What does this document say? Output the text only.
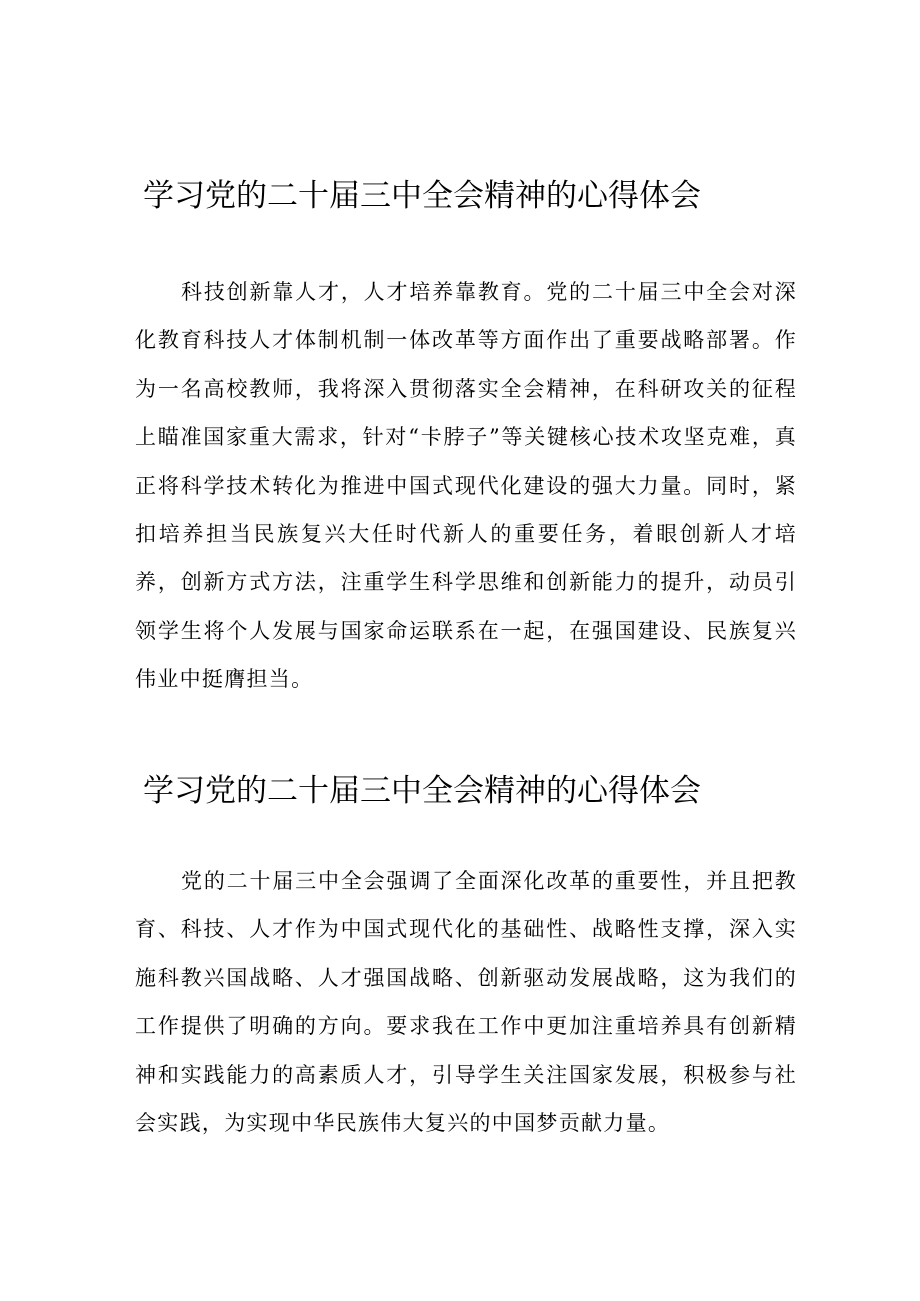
学习党的二十届三中全会精神的心得体会

科技创新靠人才，人才培养靠教育。党的二十届三中全会对深化教育科技人才体制机制一体改革等方面作出了重要战略部署。作为一名高校教师，我将深入贯彻落实全会精神，在科研攻关的征程上瞄准国家重大需求，针对“卡脖子”等关键核心技术攻坚克难，真正将科学技术转化为推进中国式现代化建设的强大力量。同时，紧扣培养担当民族复兴大任时代新人的重要任务，着眼创新人才培养，创新方式方法，注重学生科学思维和创新能力的提升，动员引领学生将个人发展与国家命运联系在一起，在强国建设、民族复兴伟业中挺膺担当。

学习党的二十届三中全会精神的心得体会

党的二十届三中全会强调了全面深化改革的重要性，并且把教育、科技、人才作为中国式现代化的基础性、战略性支撑，深入实施科教兴国战略、人才强国战略、创新驱动发展战略，这为我们的工作提供了明确的方向。要求我在工作中更加注重培养具有创新精神和实践能力的高素质人才，引导学生关注国家发展，积极参与社会实践，为实现中华民族伟大复兴的中国梦贡献力量。
